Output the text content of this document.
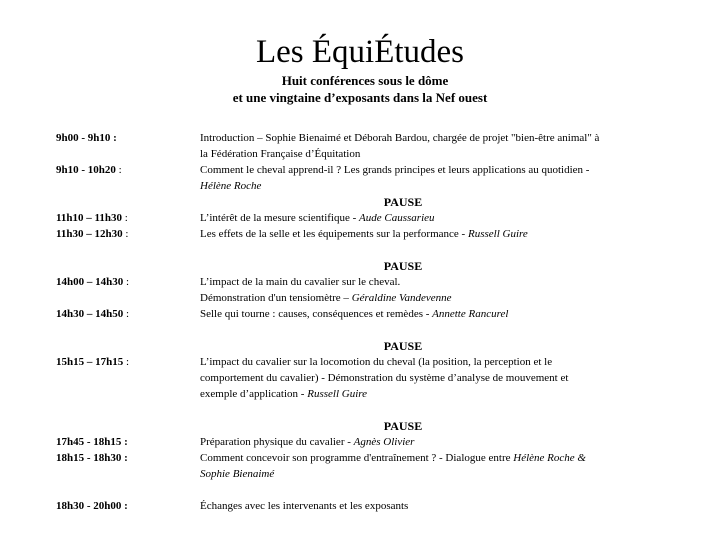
Les ÉquiÉtudes
Huit conférences sous le dôme
et une vingtaine d’exposants dans la Nef ouest
9h00 - 9h10 :	Introduction – Sophie Bienaimé et Déborah Bardou, chargée de projet "bien-être animal" à
la Fédération Française d’Équitation
9h10 - 10h20 :	Comment le cheval apprend-il ? Les grands principes et leurs applications au quotidien -
Hélène Roche
PAUSE
11h10 – 11h30 :	L’intérêt de la mesure scientifique - Aude Caussarieu
11h30 – 12h30 :	Les effets de la selle et les équipements sur la performance - Russell Guire
PAUSE
14h00 – 14h30 :	L’impact de la main du cavalier sur le cheval.
Démonstration d'un tensiomètre – Géraldine Vandevenne
14h30 – 14h50 :	Selle qui tourne : causes, conséquences et remèdes - Annette Rancurel
PAUSE
15h15 – 17h15 :	L’impact du cavalier sur la locomotion du cheval (la position, la perception et le
comportement du cavalier) - Démonstration du système d’analyse de mouvement et
exemple d’application - Russell Guire
PAUSE
17h45 - 18h15 :	Préparation physique du cavalier - Agnès Olivier
18h15 - 18h30 :	Comment concevoir son programme d'entraînement ? - Dialogue entre Hélène Roche &
Sophie Bienaimé
18h30 - 20h00 :	Échanges avec les intervenants et les exposants
